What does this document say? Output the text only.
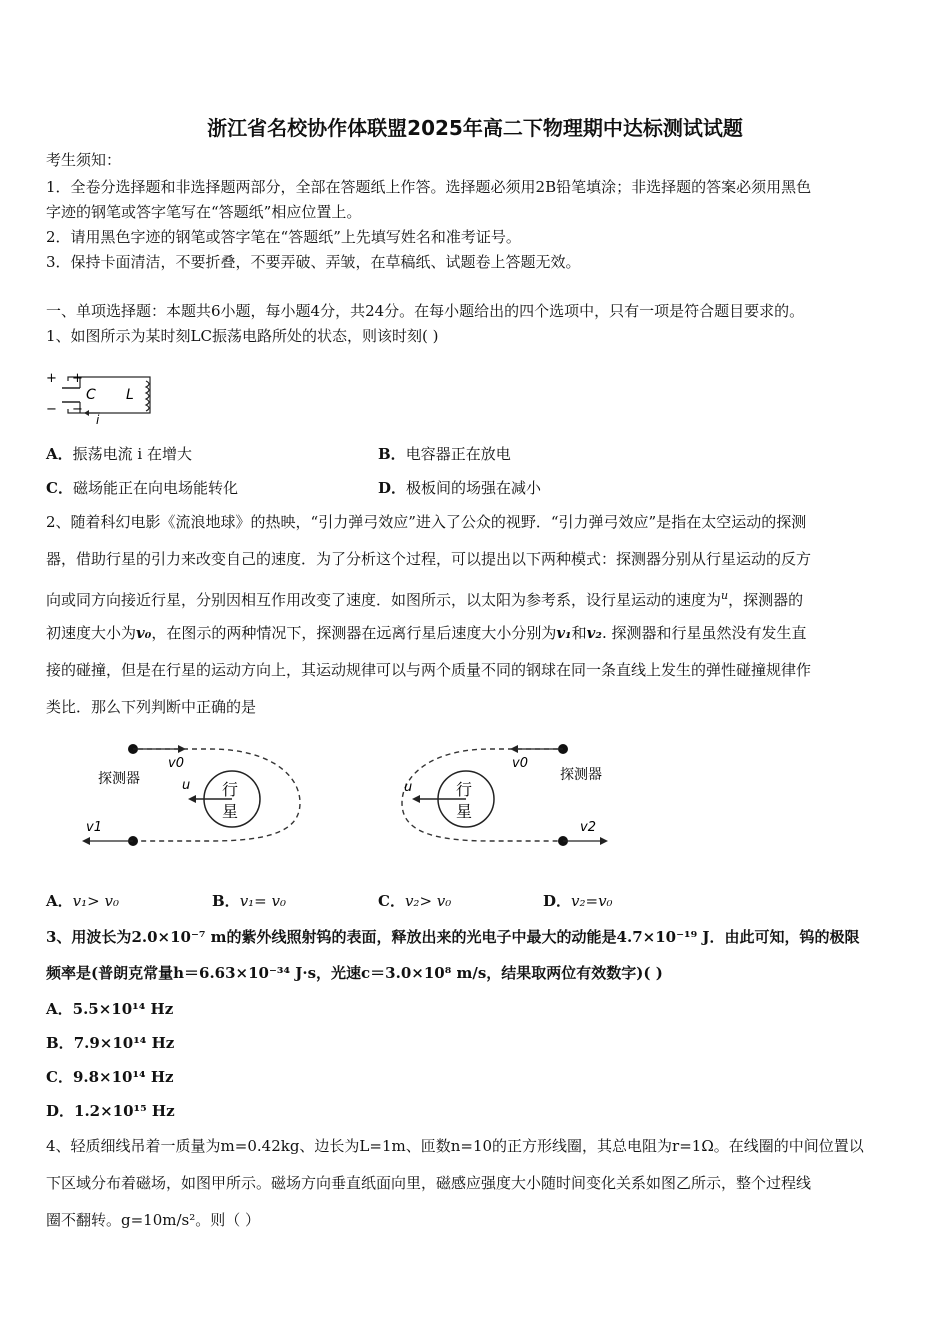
浙江省名校协作体联盟2025年高二下物理期中达标测试试题
考生须知：
1．全卷分选择题和非选择题两部分，全部在答题纸上作答。选择题必须用2B铅笔填涂；非选择题的答案必须用黑色
字迹的钢笔或答字笔写在“答题纸”相应位置上。
2．请用黑色字迹的钢笔或答字笔在“答题纸”上先填写姓名和准考证号。
3．保持卡面清洁，不要折叠，不要弄破、弄皱，在草稿纸、试题卷上答题无效。
一、单项选择题：本题共6小题，每小题4分，共24分。在每小题给出的四个选项中，只有一项是符合题目要求的。
1、如图所示为某时刻LC振荡电路所处的状态，则该时刻( )
+ +
− −
C L
i
A．振荡电流 i 在增大	B．电容器正在放电
C．磁场能正在向电场能转化	D．极板间的场强在减小
2、随着科幻电影《流浪地球》的热映，“引力弹弓效应”进入了公众的视野．“引力弹弓效应”是指在太空运动的探测
器，借助行星的引力来改变自己的速度．为了分析这个过程，可以提出以下两种模式：探测器分别从行星运动的反方
向或同方向接近行星，分别因相互作用改变了速度．如图所示，以太阳为参考系，设行星运动的速度为$^u$，探测器的
初速度大小为v₀，在图示的两种情况下，探测器在远离行星后速度大小分别为v₁和v₂. 探测器和行星虽然没有发生直
接的碰撞，但是在行星的运动方向上，其运动规律可以与两个质量不同的钢球在同一条直线上发生的弹性碰撞规律作
类比．那么下列判断中正确的是
v0
探测器
行
星
u
v1
v0
探测器
行
星
u
v2
A．v₁> v₀	B．v₁= v₀	C．v₂> v₀	D．v₂=v₀
3、用波长为2.0×10⁻⁷ m的紫外线照射钨的表面，释放出来的光电子中最大的动能是4.7×10⁻¹⁹ J．由此可知，钨的极限
频率是(普朗克常量h＝6.63×10⁻³⁴ J·s，光速c＝3.0×10⁸ m/s，结果取两位有效数字)( )
A．5.5×10¹⁴ Hz
B．7.9×10¹⁴ Hz
C．9.8×10¹⁴ Hz
D．1.2×10¹⁵ Hz
4、轻质细线吊着一质量为m=0.42kg、边长为L=1m、匝数n=10的正方形线圈，其总电阻为r=1Ω。在线圈的中间位置以
下区域分布着磁场，如图甲所示。磁场方向垂直纸面向里，磁感应强度大小随时间变化关系如图乙所示，整个过程线
圈不翻转。g=10m/s²。则（ ）
